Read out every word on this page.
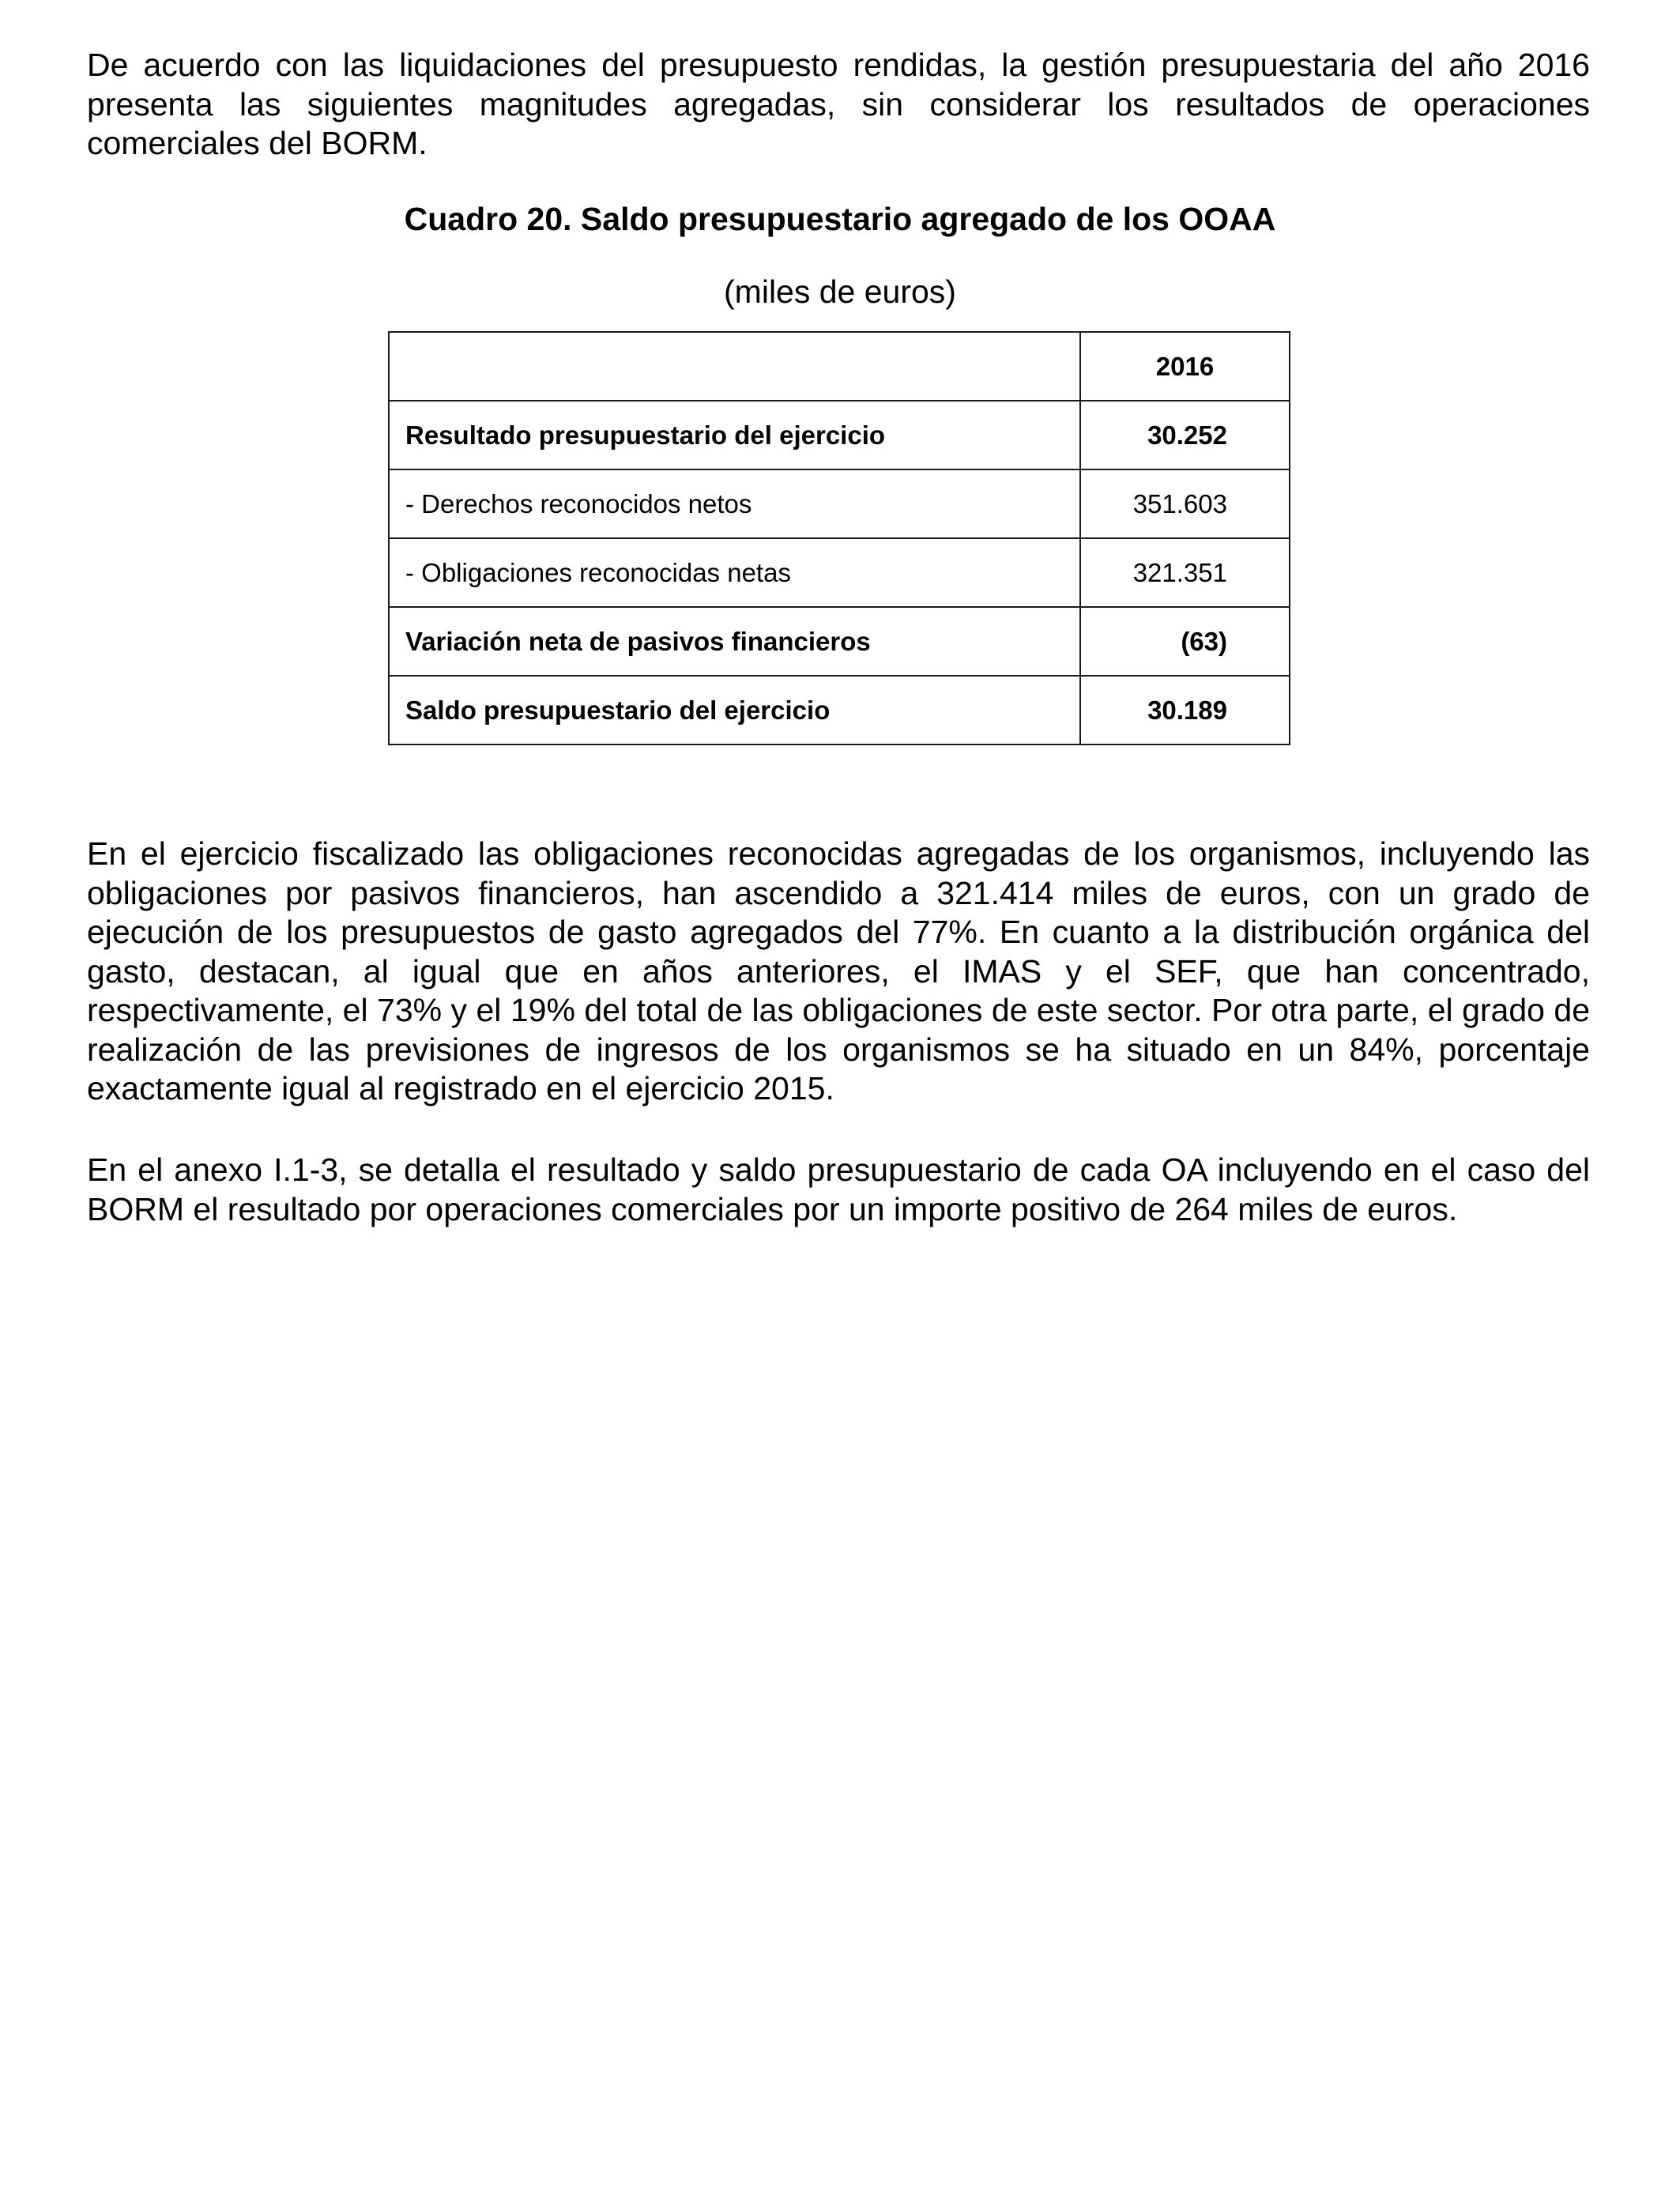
De acuerdo con las liquidaciones del presupuesto rendidas, la gestión presupuestaria del año 2016 presenta las siguientes magnitudes agregadas, sin considerar los resultados de operaciones comerciales del BORM.

Cuadro 20. Saldo presupuestario agregado de los OOAA

(miles de euros)

	2016
Resultado presupuestario del ejercicio	30.252
- Derechos reconocidos netos	351.603
- Obligaciones reconocidas netas	321.351
Variación neta de pasivos financieros	(63)
Saldo presupuestario del ejercicio	30.189

En el ejercicio fiscalizado las obligaciones reconocidas agregadas de los organismos, incluyendo las obligaciones por pasivos financieros, han ascendido a 321.414 miles de euros, con un grado de ejecución de los presupuestos de gasto agregados del 77%. En cuanto a la distribución orgánica del gasto, destacan, al igual que en años anteriores, el IMAS y el SEF, que han concentrado, respectivamente, el 73% y el 19% del total de las obligaciones de este sector. Por otra parte, el grado de realización de las previsiones de ingresos de los organismos se ha situado en un 84%, porcentaje exactamente igual al registrado en el ejercicio 2015.

En el anexo I.1-3, se detalla el resultado y saldo presupuestario de cada OA incluyendo en el caso del BORM el resultado por operaciones comerciales por un importe positivo de 264 miles de euros.
